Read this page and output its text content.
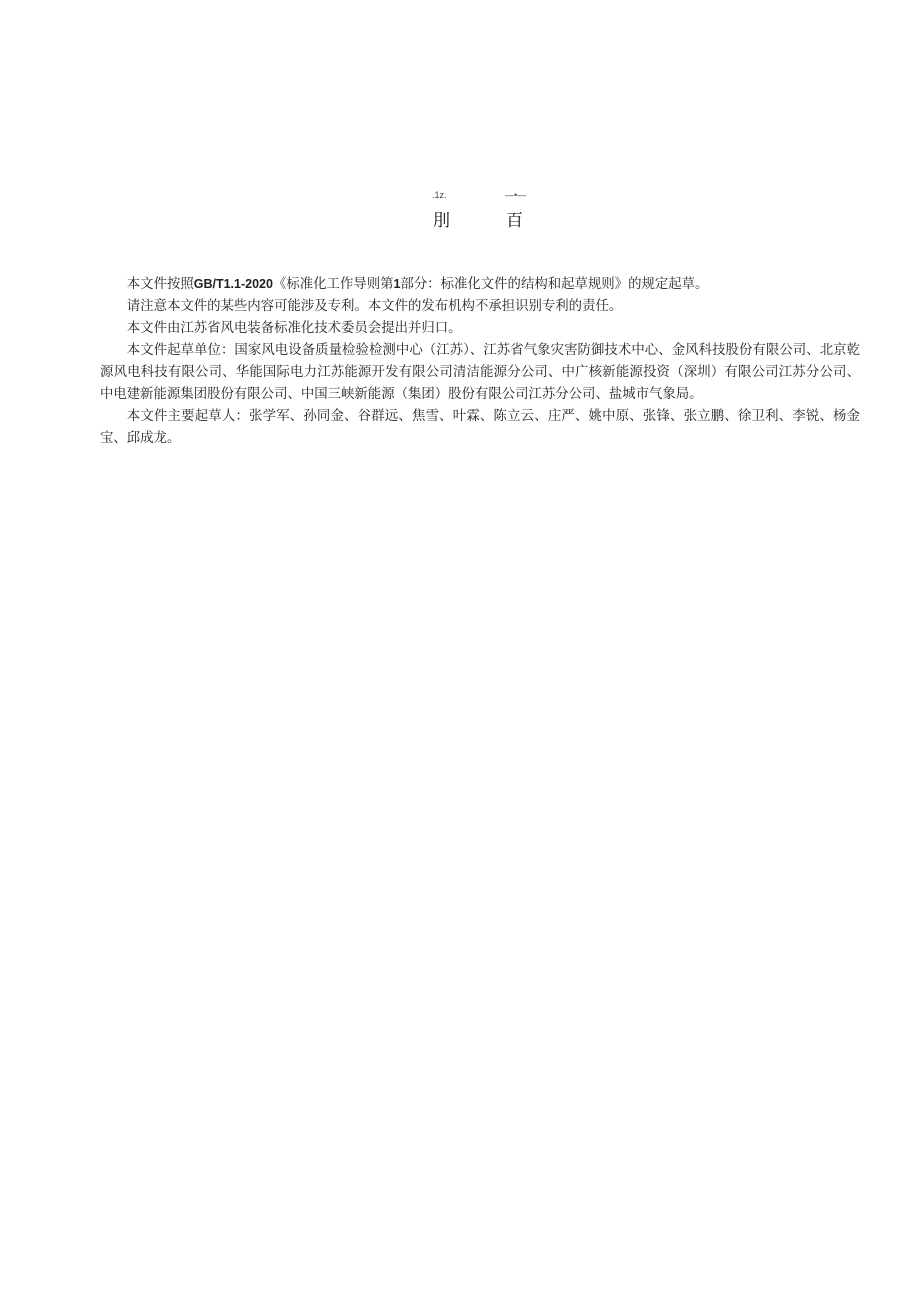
.1z.	—•—
刖	百

本文件按照GB/T1.1-2020《标准化工作导则第1部分：标准化文件的结构和起草规则》的规定起草。

请注意本文件的某些内容可能涉及专利。本文件的发布机构不承担识别专利的责任。

本文件由江苏省风电装备标准化技术委员会提出并归口。

本文件起草单位：国家风电设备质量检验检测中心（江苏）、江苏省气象灾害防御技术中心、金风科技股份有限公司、北京乾源风电科技有限公司、华能国际电力江苏能源开发有限公司清洁能源分公司、中广核新能源投资（深圳）有限公司江苏分公司、中电建新能源集团股份有限公司、中国三峡新能源（集团）股份有限公司江苏分公司、盐城市气象局。

本文件主要起草人：张学军、孙同金、谷群远、焦雪、叶霖、陈立云、庄严、姚中原、张锋、张立鹏、徐卫利、李锐、杨金宝、邱成龙。
